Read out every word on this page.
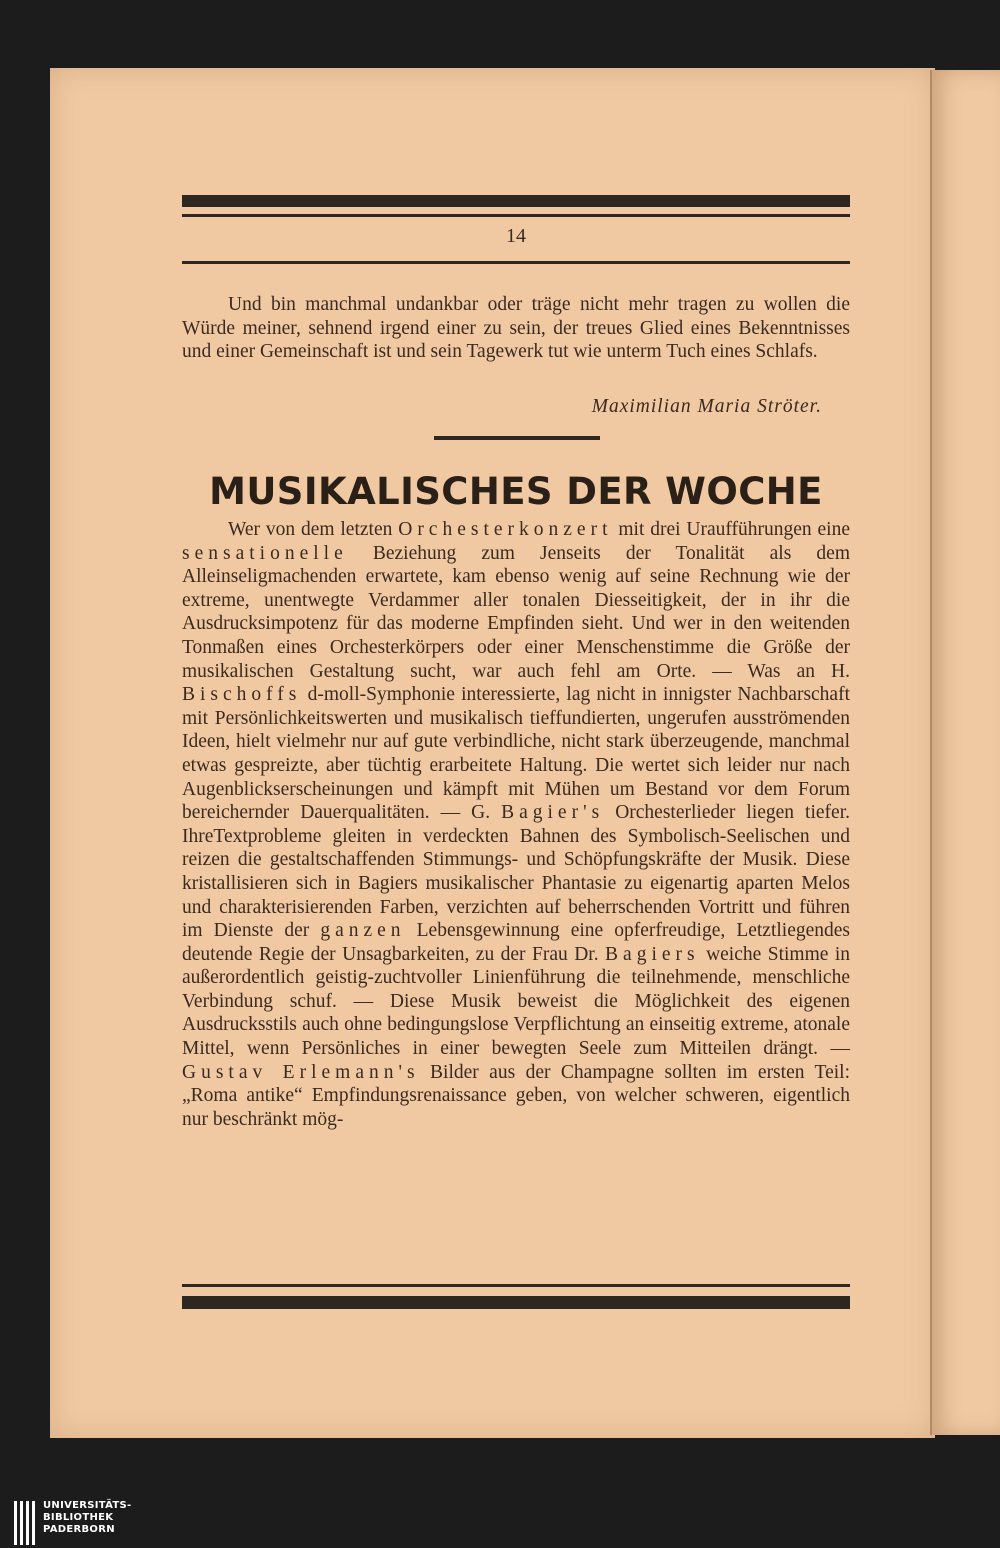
14

Und bin manchmal undankbar oder träge nicht mehr tragen zu wollen die Würde meiner, sehnend irgend einer zu sein, der treues Glied eines Bekenntnisses und einer Gemeinschaft ist und sein Tagewerk tut wie unterm Tuch eines Schlafs.

Maximilian Maria Ströter.
MUSIKALISCHES DER WOCHE

Wer von dem letzten Orchesterkonzert mit drei Uraufführungen eine sensationelle Beziehung zum Jenseits der Tonalität als dem Alleinseligmachenden erwartete, kam ebenso wenig auf seine Rechnung wie der extreme, unentwegte Verdammer aller tonalen Diesseitigkeit, der in ihr die Ausdrucksimpotenz für das moderne Empfinden sieht. Und wer in den weitenden Tonmaßen eines Orchesterkörpers oder einer Menschenstimme die Größe der musikalischen Gestaltung sucht, war auch fehl am Orte. — Was an H. Bischoffs d-moll-Symphonie interessierte, lag nicht in innigster Nachbarschaft mit Persönlichkeitswerten und musikalisch tieffundierten, ungerufen ausströmenden Ideen, hielt vielmehr nur auf gute verbindliche, nicht stark überzeugende, manchmal etwas gespreizte, aber tüchtig erarbeitete Haltung. Die wertet sich leider nur nach Augenblickserscheinungen und kämpft mit Mühen um Bestand vor dem Forum bereichernder Dauerqualitäten. — G. Bagier's Orchesterlieder liegen tiefer. IhreTextprobleme gleiten in verdeckten Bahnen des Symbolisch-Seelischen und reizen die gestaltschaffenden Stimmungs- und Schöpfungskräfte der Musik. Diese kristallisieren sich in Bagiers musikalischer Phantasie zu eigenartig aparten Melos und charakterisierenden Farben, verzichten auf beherrschenden Vortritt und führen im Dienste der ganzen Lebensgewinnung eine opferfreudige, Letztliegendes deutende Regie der Unsagbarkeiten, zu der Frau Dr. Bagiers weiche Stimme in außerordentlich geistig-zuchtvoller Linienführung die teilnehmende, menschliche Verbindung schuf. — Diese Musik beweist die Möglichkeit des eigenen Ausdrucksstils auch ohne bedingungslose Verpflichtung an einseitig extreme, atonale Mittel, wenn Persönliches in einer bewegten Seele zum Mitteilen drängt. — Gustav Erlemann's Bilder aus der Champagne sollten im ersten Teil: „Roma antike“ Empfindungsrenaissance geben, von welcher schweren, eigentlich nur beschränkt mög-

UNIVERSITÄTS-
BIBLIOTHEK
PADERBORN
